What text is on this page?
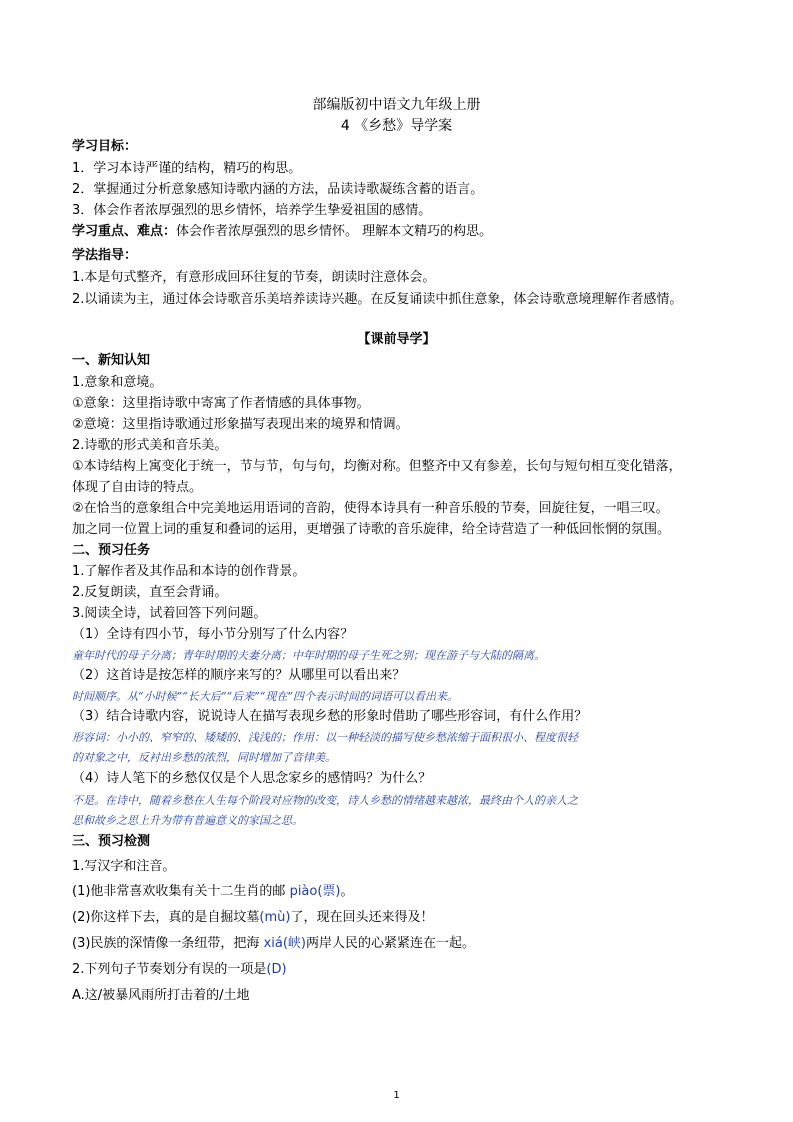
部编版初中语文九年级上册
4 《乡愁》导学案
学习目标：
1．学习本诗严谨的结构，精巧的构思。
2．掌握通过分析意象感知诗歌内涵的方法，品读诗歌凝练含蓄的语言。
3．体会作者浓厚强烈的思乡情怀，培养学生挚爱祖国的感情。
学习重点、难点：体会作者浓厚强烈的思乡情怀。 理解本文精巧的构思。
学法指导：
1.本是句式整齐，有意形成回环往复的节奏，朗读时注意体会。
2.以诵读为主，通过体会诗歌音乐美培养读诗兴趣。在反复诵读中抓住意象，体会诗歌意境理解作者感情。
【课前导学】
一、新知认知
1.意象和意境。
①意象：这里指诗歌中寄寓了作者情感的具体事物。
②意境：这里指诗歌通过形象描写表现出来的境界和情调。
2.诗歌的形式美和音乐美。
①本诗结构上寓变化于统一，节与节，句与句，均衡对称。但整齐中又有参差，长句与短句相互变化错落，
体现了自由诗的特点。
②在恰当的意象组合中完美地运用语词的音韵，使得本诗具有一种音乐般的节奏，回旋往复，一唱三叹。
加之同一位置上词的重复和叠词的运用，更增强了诗歌的音乐旋律，给全诗营造了一种低回怅惘的氛围。
二、预习任务
1.了解作者及其作品和本诗的创作背景。
2.反复朗读，直至会背诵。
3.阅读全诗，试着回答下列问题。
（1）全诗有四小节，每小节分别写了什么内容？
童年时代的母子分离；青年时期的夫妻分离；中年时期的母子生死之别；现在游子与大陆的隔离。
（2）这首诗是按怎样的顺序来写的？从哪里可以看出来？
时间顺序。从“小时候”“长大后”“后来”“现在”四个表示时间的词语可以看出来。
（3）结合诗歌内容，说说诗人在描写表现乡愁的形象时借助了哪些形容词，有什么作用？
形容词：小小的、窄窄的、矮矮的、浅浅的；作用：以一种轻淡的描写使乡愁浓缩于面积很小、程度很轻
的对象之中，反衬出乡愁的浓烈，同时增加了音律美。
（4）诗人笔下的乡愁仅仅是个人思念家乡的感情吗？为什么？
不是。在诗中，随着乡愁在人生每个阶段对应物的改变，诗人乡愁的情绪越来越浓，最终由个人的亲人之
思和故乡之思上升为带有普遍意义的家国之思。
三、预习检测
1.写汉字和注音。
(1)他非常喜欢收集有关十二生肖的邮 piào(票)。
(2)你这样下去，真的是自掘坟墓(mù)了，现在回头还来得及！
(3)民族的深情像一条纽带，把海 xiá(峡)两岸人民的心紧紧连在一起。
2.下列句子节奏划分有误的一项是(D)
A.这/被暴风雨所打击着的/土地
1
